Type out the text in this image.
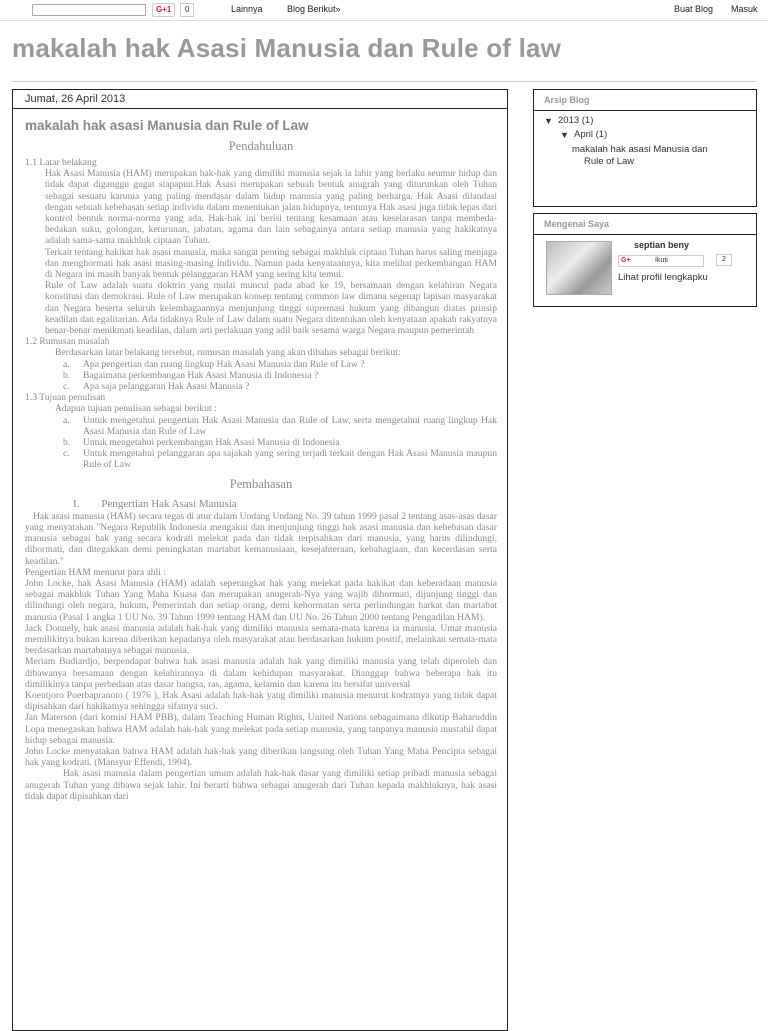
G+1	0	Lainnya	Blog Berikut»	Buat Blog Masuk
makalah hak Asasi Manusia dan Rule of law
Jumat, 26 April 2013
makalah hak asasi Manusia dan Rule of Law
Pendahuluan

1.1 Latar belakang

Hak Asasi Manusia (HAM) merupakan hak-hak yang dimiliki manusia sejak ia lahir yang berlaku seumur hidup dan tidak dapat diganggu gugat siapapun.Hak Asasi merupakan sebuah bentuk anugrah yang diturunkan oleh Tuhan sebagai sesuatu karunia yang paling mendasar dalam hidup manusia yang paling berharga. Hak Asasi dilandasi dengan sebuah kebebasan setiap individu dalam menentukan jalan hidupnya, tentunya Hak asasi juga tidak lepas dari kontrol bentuk norma-norma yang ada. Hak-hak ini berisi tentang kesamaan atau keselarasan tanpa membeda-bedakan suku, golongan, keturunan, jabatan, agama dan lain sebagainya antara setiap manusia yang hakikatnya adalah sama-sama makhluk ciptaan Tuhan.

Terkait tentang hakikat hak asasi manusia, maka sangat penting sebagai makhluk ciptaan Tuhan harus saling menjaga dan menghormati hak asasi masing-masing individu. Namun pada kenyataannya, kita melihat perkembangan HAM di Negara ini masih banyak bentuk pelanggaran HAM yang sering kita temui.

Rule of Law adalah suatu doktrin yang mulai muncul pada abad ke 19, bersamaan dengan kelahiran Negara konstitusi dan demokrasi. Rule of Law merupakan konsep tentang common law dimana segenap lapisan masyarakat dan Negara beserta seluruh kelembagaannya menjunjung tinggi supremasi hukum yang dibangun diatas prinsip keadilan dan egalitarian. Ada tidaknya Rule of Law dalam suatu Negara ditentukan oleh kenyataan apakah rakyatnya benar-benar menikmati keadilan, dalam arti perlakuan yang adil baik sesama warga Negara maupun pemerintah

1.2 Rumusan masalah

Berdasarkan latar belakang tersebut, rumusan masalah yang akan dibahas sebagai berikut:

a.	Apa pengertian dan ruang lingkup Hak Asasi Manusia dan Rule of Law ?
b.	Bagaimana perkembangan Hak Asasi Manusia di Indonesia ?
c.	Apa saja pelanggaran Hak Asasi Manusia ?

1.3 Tujuan penulisan

Adapun tujuan penulisan sebagai berikut :

a.	Untuk mengetahui pengertian Hak Asasi Manusia dan Rule of Law, serta mengetahui ruang lingkup Hak Asasi Manusia dan Rule of Law
b.	Untuk mengetahui perkembangan Hak Asasi Manusia di Indonesia
c.	Untuk mengetahui pelanggaran apa sajakah yang sering terjadi terkait dengan Hak Asasi Manusia maupun Rule of Law
Pembahasan
I. Pengertian Hak Asasi Manusia

Hak asasi manusia (HAM) secara tegas di atur dalam Undang Undang No. 39 tahun 1999 pasal 2 tentang asas-asas dasar yang menyatakan "Negara Republik Indonesia mengakui dan menjunjung tinggi hak asasi manusia dan kebebasan dasar manusia sebagai hak yang secara kodrati melekat pada dan tidak terpisahkan dari manusia, yang harus dilindungi, dihormati, dan ditegakkan demi peningkatan martabat kemanusiaan, kesejahteraan, kebahagiaan, dan kecerdasan serta keadilan."

Pengertian HAM menurut para ahli :

John Locke, hak Asasi Manusia (HAM) adalah seperangkat hak yang melekat pada hakikat dan keberadaan manusia sebagai makhluk Tuhan Yang Maha Kuasa dan merupakan anugerah-Nya yang wajib dihormati, dijunjung tinggi dan dilindungi oleh negara, hukum, Pemerintah dan setiap orang, demi kehormatan serta perlindungan harkat dan martabat manusia (Pasal 1 angka 1 UU No. 39 Tahun 1999 tentang HAM dan UU No. 26 Tahun 2000 tentang Pengadilan HAM).

Jack Donnely, hak asasi manusia adalah hak-hak yang dimiliki manusia semata-mata karena ia manusia. Umat manusia memilikinya bukan karena diberikan kepadanya oleh masyarakat atau berdasarkan hukum positif, melainkan semata-mata berdasarkan martabatnya sebagai manusia.

Meriam Budiardjo, berpendapat bahwa hak asasi manusia adalah hak yang dimiliki manusia yang telah diperoleh dan dibawanya bersamaan dengan kelahirannya di dalam kehidupan masyarakat. Dianggap bahwa beberapa hak itu dimilikinya tanpa perbedaan atas dasar bangsa, ras, agama, kelamin dan karena itu bersifat universal

Koentjoro Poerbapranoto ( 1976 ), Hak Asasi adalah hak-hak yang dimiliki manusia menurut kodratnya yang tidak dapat dipisahkan dari hakikatnya sehingga sifatnya suci.

Jan Materson (dari komisi HAM PBB), dalam Teaching Human Rights, United Nations sebagaimana dikutip Baharuddin Lopa menegaskan bahwa HAM adalah hak-hak yang melekat pada setiap manusia, yang tanpanya manusia mustahil dapat hidup sebagai manusia.

John Locke menyatakan bahwa HAM adalah hak-hak yang diberikan langsung oleh Tuhan Yang Maha Pencipta sebagai hak yang kodrati. (Mansyur Effendi, 1994).

Hak asasi manusia dalam pengertian umum adalah hak-hak dasar yang dimiliki setiap pribadi manusia sebagai anugerah Tuhan yang dibawa sejak lahir. Ini berarti bahwa sebagai anugerah dari Tuhan kepada makhluknya, hak asasi tidak dapat dipisahkan dari

Arsip Blog
▼ 2013 (1)
▼ April (1)
makalah hak asasi Manusia dan Rule of Law
Mengenai Saya
septian beny
G+	Ikuti	2
Lihat profil lengkapku
